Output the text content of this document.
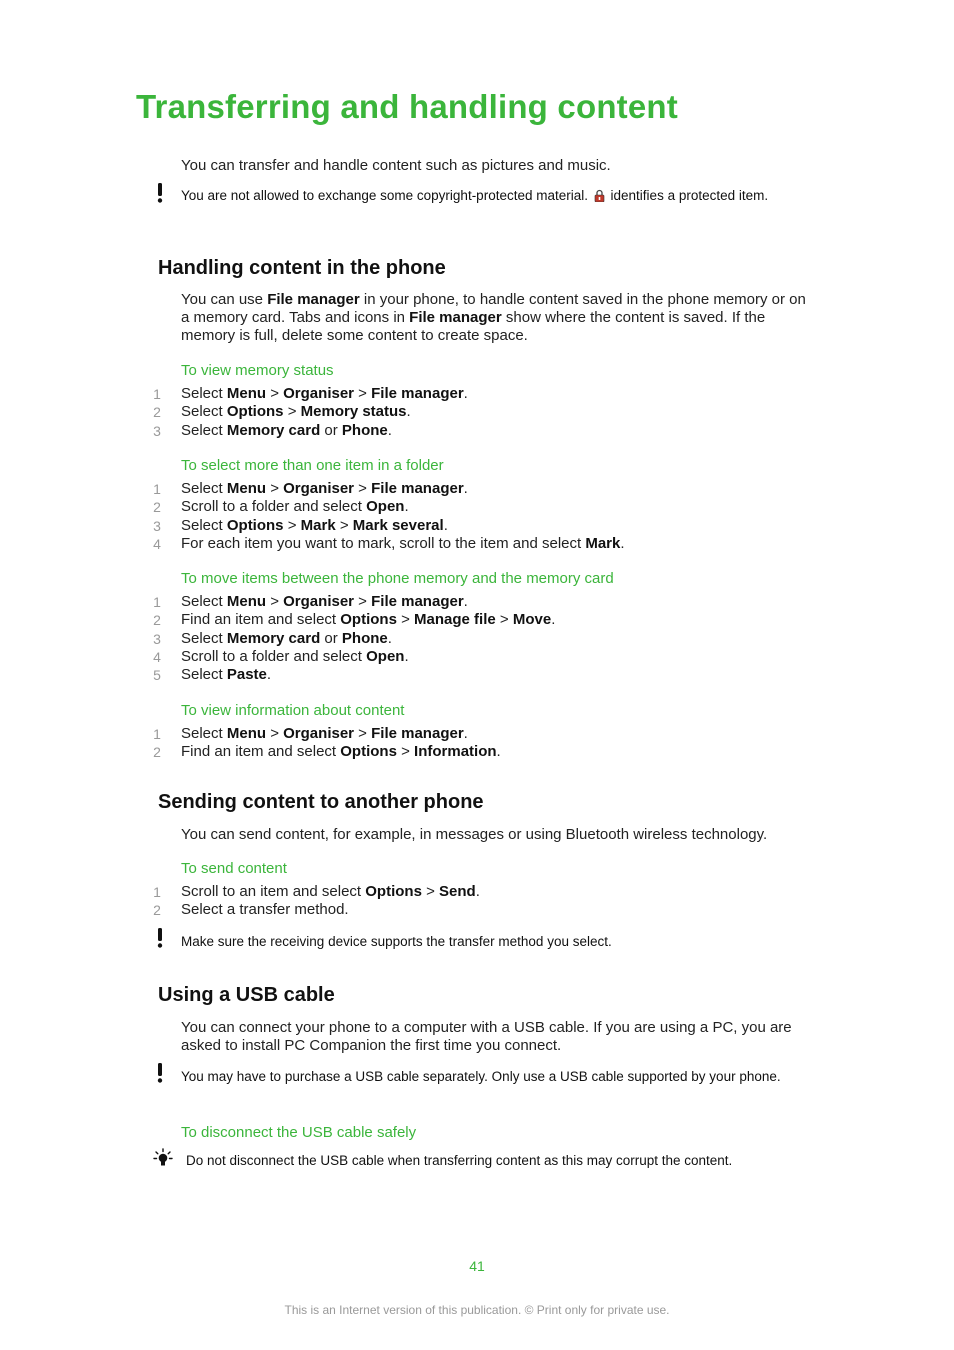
Transferring and handling content
You can transfer and handle content such as pictures and music.
You are not allowed to exchange some copyright-protected material. identifies a protected item.
Handling content in the phone
You can use File manager in your phone, to handle content saved in the phone memory or on a memory card. Tabs and icons in File manager show where the content is saved. If the memory is full, delete some content to create space.
To view memory status
1 Select Menu > Organiser > File manager.
2 Select Options > Memory status.
3 Select Memory card or Phone.
To select more than one item in a folder
1 Select Menu > Organiser > File manager.
2 Scroll to a folder and select Open.
3 Select Options > Mark > Mark several.
4 For each item you want to mark, scroll to the item and select Mark.
To move items between the phone memory and the memory card
1 Select Menu > Organiser > File manager.
2 Find an item and select Options > Manage file > Move.
3 Select Memory card or Phone.
4 Scroll to a folder and select Open.
5 Select Paste.
To view information about content
1 Select Menu > Organiser > File manager.
2 Find an item and select Options > Information.
Sending content to another phone
You can send content, for example, in messages or using Bluetooth wireless technology.
To send content
1 Scroll to an item and select Options > Send.
2 Select a transfer method.
Make sure the receiving device supports the transfer method you select.
Using a USB cable
You can connect your phone to a computer with a USB cable. If you are using a PC, you are asked to install PC Companion the first time you connect.
You may have to purchase a USB cable separately. Only use a USB cable supported by your phone.
To disconnect the USB cable safely
Do not disconnect the USB cable when transferring content as this may corrupt the content.
41
This is an Internet version of this publication. © Print only for private use.
